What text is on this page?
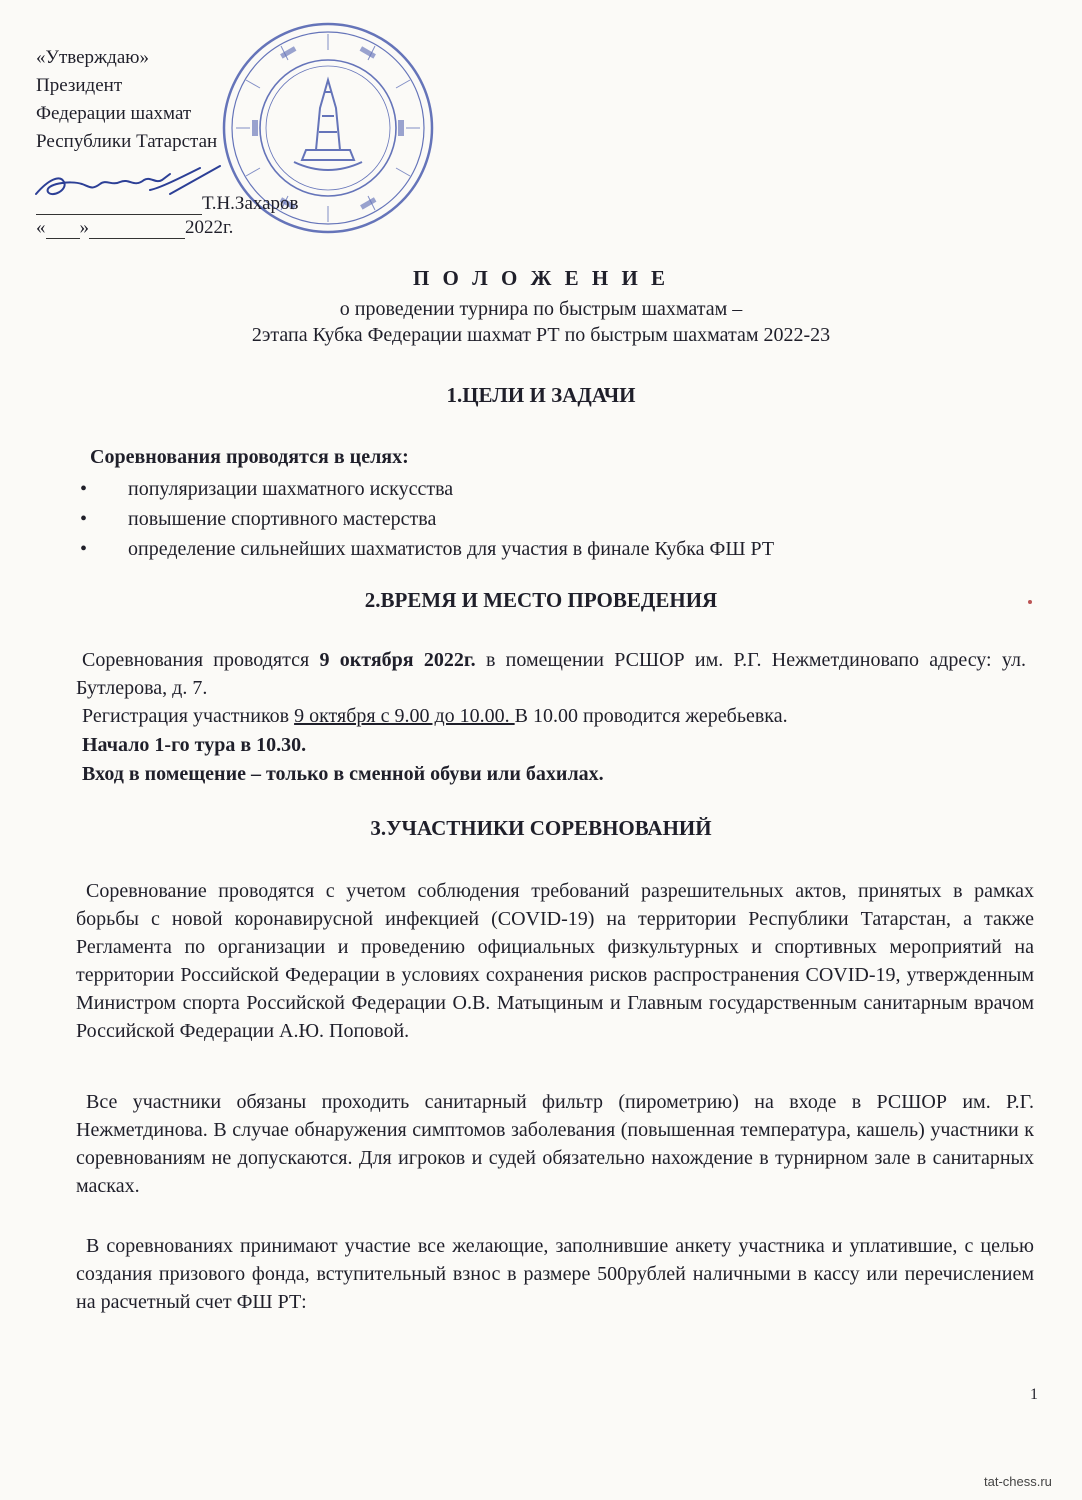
«Утверждаю»
Президент
Федерации шахмат
Республики Татарстан
Т.Н.Захаров
« »	2022г.
П О Л О Ж Е Н И Е
о проведении турнира по быстрым шахматам –
2этапа Кубка Федерации шахмат РТ по быстрым шахматам 2022-23
1.ЦЕЛИ И ЗАДАЧИ
Соревнования проводятся в целях:
• популяризации шахматного искусства
• повышение спортивного мастерства
• определение сильнейших шахматистов для участия в финале Кубка ФШ РТ
2.ВРЕМЯ И МЕСТО ПРОВЕДЕНИЯ
Соревнования проводятся 9 октября 2022г. в помещении РСШОР им. Р.Г. Нежметдиновапо адресу: ул. Бутлерова, д. 7.
Регистрация участников 9 октября с 9.00 до 10.00. В 10.00 проводится жеребьевка.
Начало 1-го тура в 10.30.
Вход в помещение – только в сменной обуви или бахилах.
3.УЧАСТНИКИ СОРЕВНОВАНИЙ
Соревнование проводятся с учетом соблюдения требований разрешительных актов, принятых в рамках борьбы с новой коронавирусной инфекцией (COVID-19) на территории Республики Татарстан, а также Регламента по организации и проведению официальных физкультурных и спортивных мероприятий на территории Российской Федерации в условиях сохранения рисков распространения COVID-19, утвержденным Министром спорта Российской Федерации О.В. Матыциным и Главным государственным санитарным врачом Российской Федерации А.Ю. Поповой.
Все участники обязаны проходить санитарный фильтр (пирометрию) на входе в РСШОР им. Р.Г. Нежметдинова. В случае обнаружения симптомов заболевания (повышенная температура, кашель) участники к соревнованиям не допускаются. Для игроков и судей обязательно нахождение в турнирном зале в санитарных масках.
В соревнованиях принимают участие все желающие, заполнившие анкету участника и уплатившие, с целью создания призового фонда, вступительный взнос в размере 500рублей наличными в кассу или перечислением на расчетный счет ФШ РТ:
1
tat-chess.ru
